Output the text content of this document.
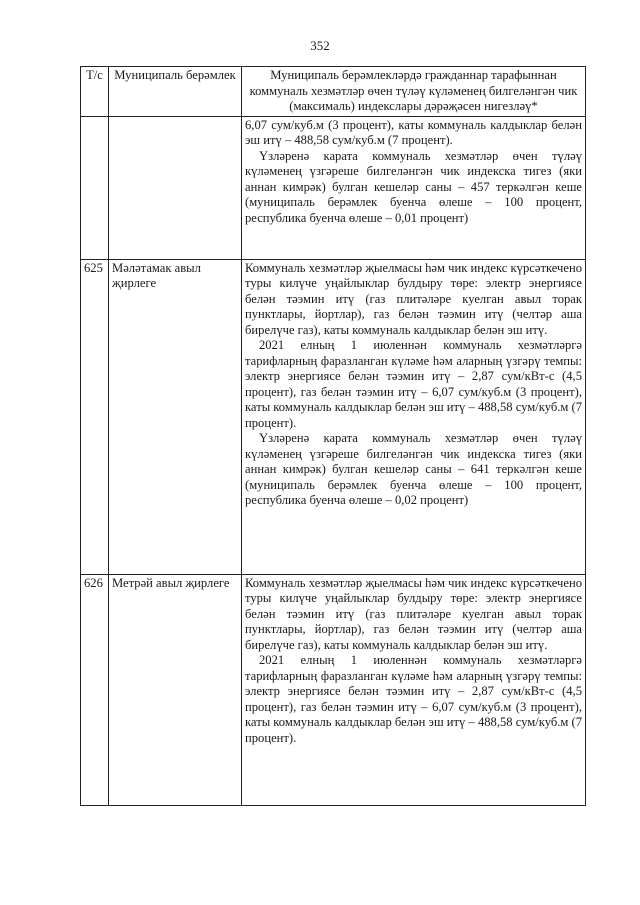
352
Т/с	Муниципаль берәмлек	Муниципаль берәмлекләрдә гражданнар тарафыннан коммуналь хезмәтләр өчен түләү күләменең билгеләнгән чик (максималь) индекслары дәрәҗәсен нигезләү*

		6,07 сум/куб.м (3 процент), каты коммуналь калдыклар белән эш итү – 488,58 сум/куб.м (7 процент).

Үзләренә карата коммуналь хезмәтләр өчен түләү күләменең үзгәреше билгеләнгән чик индекска тигез (яки аннан кимрәк) булган кешеләр саны – 457 теркәлгән кеше (муниципаль берәмлек буенча өлеше – 100 процент, республика буенча өлеше – 0,01 процент)

625	Мәләтамак авыл җирлеге	Коммуналь хезмәтләр җыелмасы һәм чик индекс күрсәткечено туры килүче уңайлыклар булдыру төре: электр энергиясе белән тәэмин итү (газ плитәләре куелган авыл торак пунктлары, йортлар), газ белән тәэмин итү (челтәр аша бирелүче газ), каты коммуналь калдыклар белән эш итү.

2021 елның 1 июленнән коммуналь хезмәтләргә тарифларның фаразланган күләме һәм аларның үзгәрү темпы: электр энергиясе белән тәэмин итү – 2,87 сум/кВт-с (4,5 процент), газ белән тәэмин итү – 6,07 сум/куб.м (3 процент), каты коммуналь калдыклар белән эш итү – 488,58 сум/куб.м (7 процент).

Үзләренә карата коммуналь хезмәтләр өчен түләү күләменең үзгәреше билгеләнгән чик индекска тигез (яки аннан кимрәк) булган кешеләр саны – 641 теркәлгән кеше (муниципаль берәмлек буенча өлеше – 100 процент, республика буенча өлеше – 0,02 процент)

626	Метрәй авыл җирлеге	Коммуналь хезмәтләр җыелмасы һәм чик индекс күрсәткечено туры килүче уңайлыклар булдыру төре: электр энергиясе белән тәэмин итү (газ плитәләре куелган авыл торак пунктлары, йортлар), газ белән тәэмин итү (челтәр аша бирелүче газ), каты коммуналь калдыклар белән эш итү.

2021 елның 1 июленнән коммуналь хезмәтләргә тарифларның фаразланган күләме һәм аларның үзгәрү темпы: электр энергиясе белән тәэмин итү – 2,87 сум/кВт-с (4,5 процент), газ белән тәэмин итү – 6,07 сум/куб.м (3 процент), каты коммуналь калдыклар белән эш итү – 488,58 сум/куб.м (7 процент).
